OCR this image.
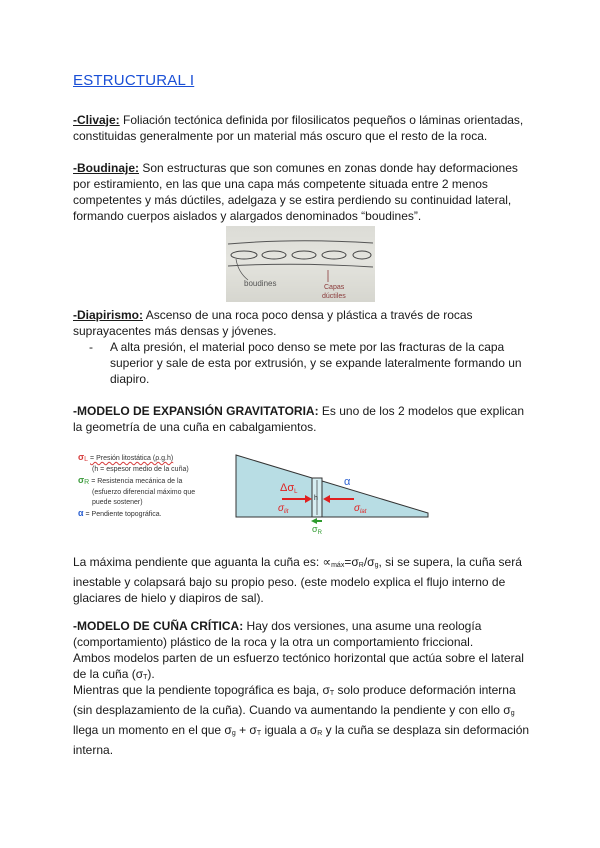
ESTRUCTURAL I

-Clivaje: Foliación tectónica definida por filosilicatos pequeños o láminas orientadas, constituidas generalmente por un material más oscuro que el resto de la roca.

-Boudinaje: Son estructuras que son comunes en zonas donde hay deformaciones por estiramiento, en las que una capa más competente situada entre 2 menos competentes y más dúctiles, adelgaza y se estira perdiendo su continuidad lateral, formando cuerpos aislados y alargados denominados “boudines”.

boudines	Capas
dúctiles

-Diapirismo: Ascenso de una roca poco densa y plástica a través de rocas suprayacentes más densas y jóvenes.

- A alta presión, el material poco denso se mete por las fracturas de la capa superior y sale de esta por extrusión, y se expande lateralmente formando un diapiro.

-MODELO DE EXPANSIÓN GRAVITATORIA: Es uno de los 2 modelos que explican la geometría de una cuña en cabalgamientos.

σL = Presión litostática (ρ.g.h)
(h = espesor medio de la cuña)
σR = Resistencia mecánica de la
(esfuerzo diferencial máximo que
puede sostener)
α = Pendiente topográfica.
h
ΔσL
α
$\sigma_{lit}$	$\sigma_{lat}$
$\sigma_R$

La máxima pendiente que aguanta la cuña es: ∝máx=σR/σg, si se supera, la cuña será inestable y colapsará bajo su propio peso. (este modelo explica el flujo interno de glaciares de hielo y diapiros de sal).

-MODELO DE CUÑA CRÍTICA: Hay dos versiones, una asume una reología (comportamiento) plástico de la roca y la otra un comportamiento friccional.

Ambos modelos parten de un esfuerzo tectónico horizontal que actúa sobre el lateral de la cuña (σT).

Mientras que la pendiente topográfica es baja, σT solo produce deformación interna (sin desplazamiento de la cuña). Cuando va aumentando la pendiente y con ello σg llega un momento en el que σg + σT iguala a σR y la cuña se desplaza sin deformación interna.
